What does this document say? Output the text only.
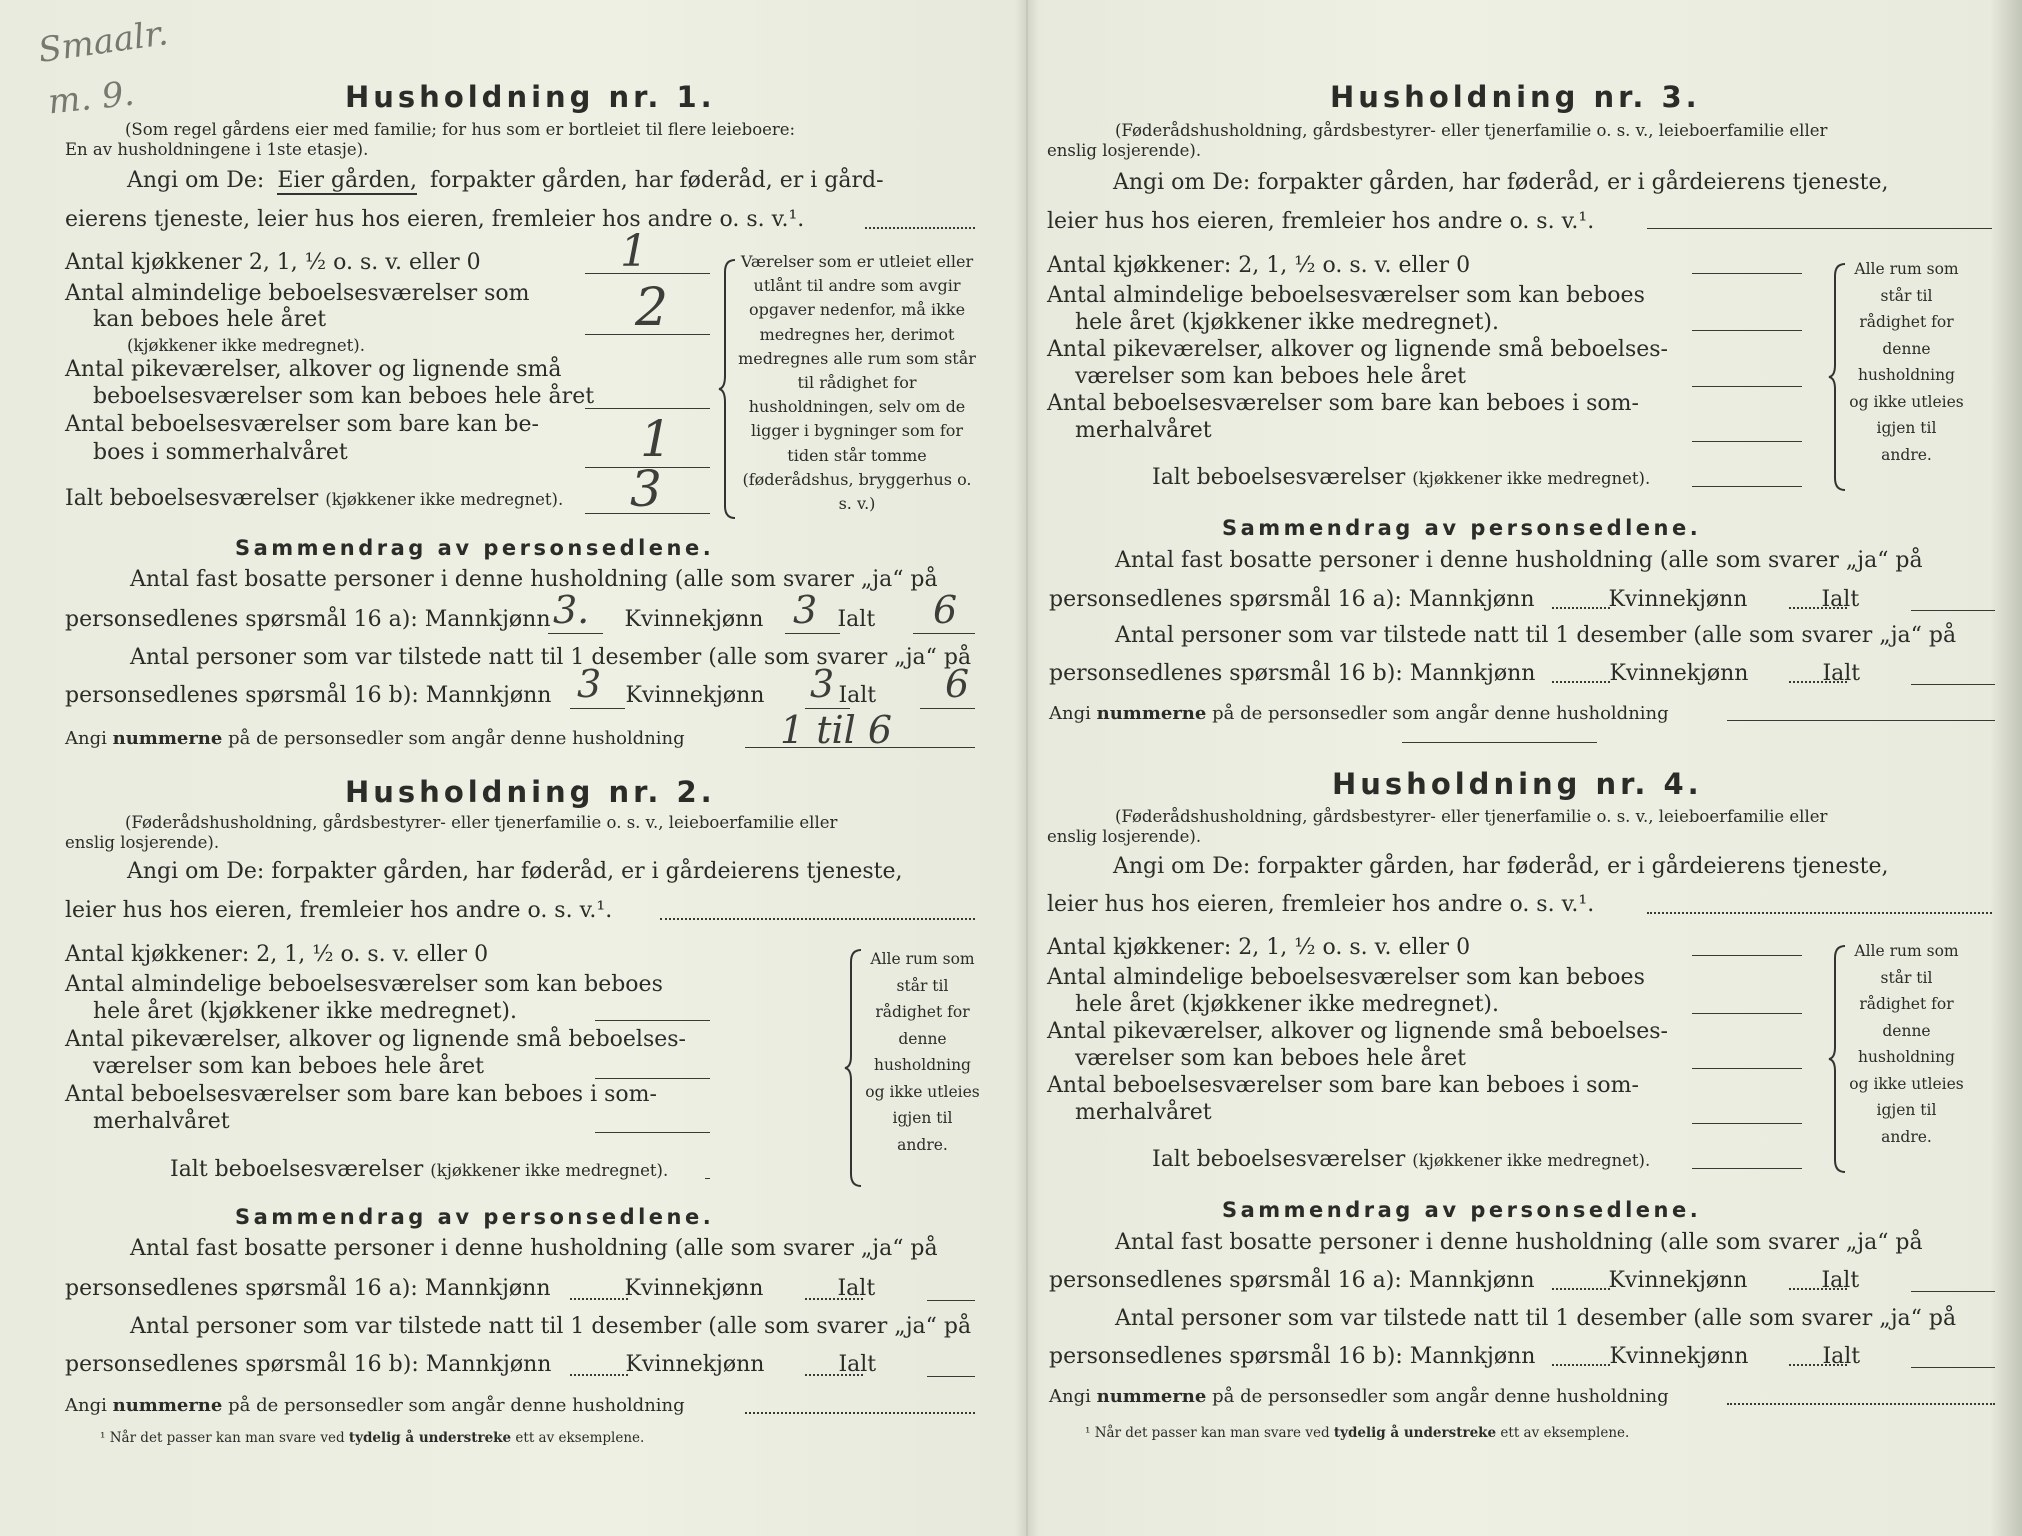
Smaalr.
m. 9.	Husholdning nr. 1.
(Som regel gårdens eier med familie; for hus som er bortleiet til flere leieboere:
En av husholdningene i 1ste etasje).
Angi om De: Eier gården, forpakter gården, har føderåd, er i gård-
eierens tjeneste, leier hus hos eieren, fremleier hos andre o. s. v.¹.
Antal kjøkkener 2, 1, ½ o. s. v. eller 0	1
Antal almindelige beboelsesværelser som
kan beboes hele året
(kjøkkener ikke medregnet).
2
Antal pikeværelser, alkover og lignende små
beboelsesværelser som kan beboes hele året
Antal beboelsesværelser som bare kan be-
boes i sommerhalvåret	1
Ialt beboelsesværelser (kjøkkener ikke medregnet). 3
Værelser som er utleiet eller utlånt til andre som avgir opgaver nedenfor, må ikke medregnes her, derimot medregnes alle rum som står til rådighet for husholdningen, selv om de ligger i bygninger som for tiden står tomme (føderådshus, bryggerhus o. s. v.)
Sammendrag av personsedlene.
Antal fast bosatte personer i denne husholdning (alle som svarer „ja“ på
personsedlenes spørsmål 16 a): Mannkjønn	Kvinnekjønn	Ialt
3.	3	6
Antal personer som var tilstede natt til 1 desember (alle som svarer „ja“ på
personsedlenes spørsmål 16 b): Mannkjønn	Kvinnekjønn	Ialt
3	3	6
Angi nummerne på de personsedler som angår denne husholdning	1 til 6
Husholdning nr. 2.
(Føderådshusholdning, gårdsbestyrer- eller tjenerfamilie o. s. v., leieboerfamilie eller
enslig losjerende).
Angi om De: forpakter gården, har føderåd, er i gårdeierens tjeneste,
leier hus hos eieren, fremleier hos andre o. s. v.¹.
Antal kjøkkener: 2, 1, ½ o. s. v. eller 0
Antal almindelige beboelsesværelser som kan beboes
hele året (kjøkkener ikke medregnet).
Antal pikeværelser, alkover og lignende små beboelses-
værelser som kan beboes hele året
Antal beboelsesværelser som bare kan beboes i som-
merhalvåret
Ialt beboelsesværelser (kjøkkener ikke medregnet).
Alle rum som står til rådighet for denne husholdning og ikke utleies igjen til andre.
Sammendrag av personsedlene.
Antal fast bosatte personer i denne husholdning (alle som svarer „ja“ på
personsedlenes spørsmål 16 a): Mannkjønn	Kvinnekjønn	Ialt
Antal personer som var tilstede natt til 1 desember (alle som svarer „ja“ på
personsedlenes spørsmål 16 b): Mannkjønn	Kvinnekjønn	Ialt
Angi nummerne på de personsedler som angår denne husholdning
¹ Når det passer kan man svare ved tydelig å understreke ett av eksemplene.
Husholdning nr. 3.
(Føderådshusholdning, gårdsbestyrer- eller tjenerfamilie o. s. v., leieboerfamilie eller
enslig losjerende).
Angi om De: forpakter gården, har føderåd, er i gårdeierens tjeneste,
leier hus hos eieren, fremleier hos andre o. s. v.¹.
Antal kjøkkener: 2, 1, ½ o. s. v. eller 0
Antal almindelige beboelsesværelser som kan beboes
hele året (kjøkkener ikke medregnet).
Antal pikeværelser, alkover og lignende små beboelses-
værelser som kan beboes hele året
Antal beboelsesværelser som bare kan beboes i som-
merhalvåret
Ialt beboelsesværelser (kjøkkener ikke medregnet).
Alle rum som står til rådighet for denne husholdning og ikke utleies igjen til andre.
Sammendrag av personsedlene.
Antal fast bosatte personer i denne husholdning (alle som svarer „ja“ på
personsedlenes spørsmål 16 a): Mannkjønn	Kvinnekjønn	Ialt
Antal personer som var tilstede natt til 1 desember (alle som svarer „ja“ på
personsedlenes spørsmål 16 b): Mannkjønn	Kvinnekjønn	Ialt
Angi nummerne på de personsedler som angår denne husholdning
Husholdning nr. 4.
(Føderådshusholdning, gårdsbestyrer- eller tjenerfamilie o. s. v., leieboerfamilie eller
enslig losjerende).
Angi om De: forpakter gården, har føderåd, er i gårdeierens tjeneste,
leier hus hos eieren, fremleier hos andre o. s. v.¹.
Antal kjøkkener: 2, 1, ½ o. s. v. eller 0
Antal almindelige beboelsesværelser som kan beboes
hele året (kjøkkener ikke medregnet).
Antal pikeværelser, alkover og lignende små beboelses-
værelser som kan beboes hele året
Antal beboelsesværelser som bare kan beboes i som-
merhalvåret
Ialt beboelsesværelser (kjøkkener ikke medregnet).
Alle rum som står til rådighet for denne husholdning og ikke utleies igjen til andre.
Sammendrag av personsedlene.
Antal fast bosatte personer i denne husholdning (alle som svarer „ja“ på
personsedlenes spørsmål 16 a): Mannkjønn	Kvinnekjønn	Ialt
Antal personer som var tilstede natt til 1 desember (alle som svarer „ja“ på
personsedlenes spørsmål 16 b): Mannkjønn	Kvinnekjønn	Ialt
Angi nummerne på de personsedler som angår denne husholdning
¹ Når det passer kan man svare ved tydelig å understreke ett av eksemplene.
